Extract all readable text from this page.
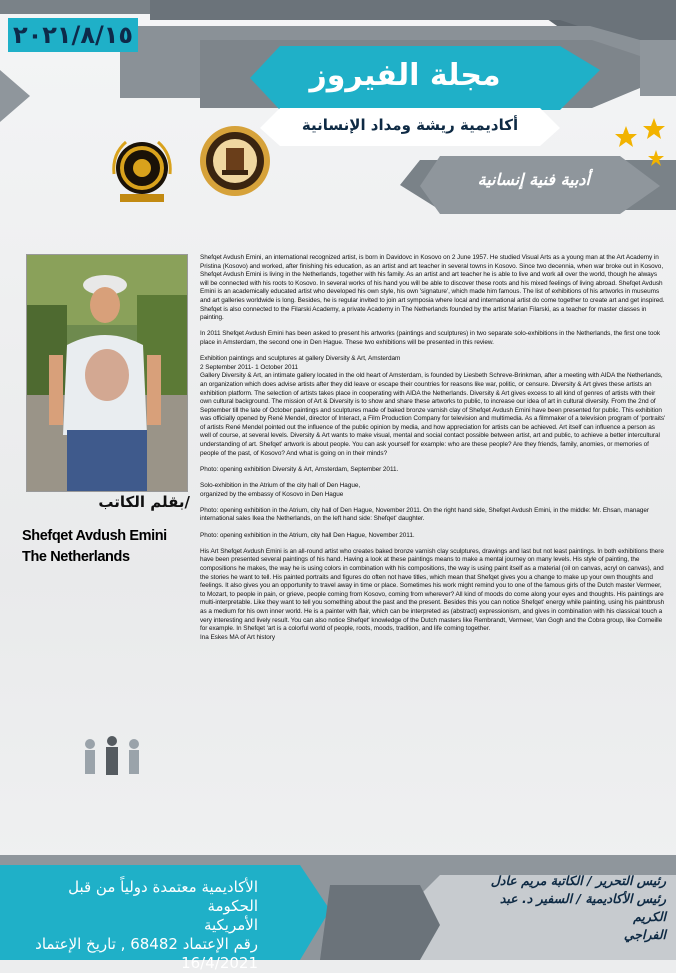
٢٠٢١/٨/١٥
مجلة الفيروز
أكاديمية ريشة ومداد الإنسانية
أدبية فنية إنسانية
بقلم الكاتب/
Shefqet Avdush Emini
The Netherlands

Shefqet Avdush Emini, an international recognized artist, is born in Davidovc in Kosovo on 2 June 1957. He studied Visual Arts as a young man at the Art Academy in Pristina (Kosovo) and worked, after finishing his education, as an artist and art teacher in several towns in Kosovo. Since two decennia, when war broke out in Kosovo, Shefqet Avdush Emini is living in the Netherlands, together with his family. As an artist and art teacher he is able to live and work all over the world, though he always will be connected with his roots to Kosovo. In several works of his hand you will be able to discover these roots and his mixed feelings of living abroad. Shefqet Avdush Emini is an academically educated artist who developed his own style, his own 'signature', which made him famous. The list of exhibitions of his artworks in museums and art galleries worldwide is long. Besides, he is regular invited to join art symposia where local and international artist do come together to create art and get inspired. Shefqet is also connected to the Filarski Academy, a private Academy in The Netherlands founded by the artist Marian Filarski, as a teacher for master classes in painting.

In 2011 Shefqet Avdush Emini has been asked to present his artworks (paintings and sculptures) in two separate solo-exhibitions in the Netherlands, the first one took place in Amsterdam, the second one in Den Hague. These two exhibitions will be presented in this review.

Exhibition paintings and sculptures at gallery Diversity & Art, Amsterdam
2 September 2011- 1 October 2011
Gallery Diversity & Art, an intimate gallery located in the old heart of Amsterdam, is founded by Liesbeth Schreve-Brinkman, after a meeting with AIDA the Netherlands, an organization which does advise artists after they did leave or escape their countries for reasons like war, politic, or censure. Diversity & Art gives these artists an exhibition platform. The selection of artists takes place in cooperating with AIDA the Netherlands. Diversity & Art gives excess to all kind of genres of artists with their own cultural background. The mission of Art & Diversity is to show and share these artworks to public, to increase our idea of art in cultural diversity. From the 2nd of September till the late of October paintings and sculptures made of baked bronze varnish clay of Shefqet Avdush Emini have been presented for public. This exhibition was officially opened by René Mendel, director of Interact, a Film Production Company for television and multimedia. As a filmmaker of a television program of 'portraits' of artists René Mendel pointed out the influence of the public opinion by media, and how appreciation for artists can be achieved. Art itself can influence a person as well of course, at several levels. Diversity & Art wants to make visual, mental and social contact possible between artist, art and public, to achieve a better intercultural understanding of art. Shefqet' artwork is about people. You can ask yourself for example: who are these people? Are they friends, family, anomies, or memories of people of the past, of Kosovo? And what is going on in their minds?

Photo: opening exhibition Diversity & Art, Amsterdam, September 2011.

Solo-exhibition in the Atrium of the city hall of Den Hague,
organized by the embassy of Kosovo in Den Hague

Photo: opening exhibition in the Atrium, city hall of Den Hague, November 2011. On the right hand side, Shefqet Avdush Emini, in the middle: Mr. Ehsan, manager international sales Ikea the Netherlands, on the left hand side: Shefqet' daughter.

Photo: opening exhibition in the Atrium, city hall Den Hague, November 2011.

His Art Shefqet Avdush Emini is an all-round artist who creates baked bronze varnish clay sculptures, drawings and last but not least paintings. In both exhibitions there have been presented several paintings of his hand. Having a look at these paintings means to make a mental journey on many levels. His style of painting, the compositions he makes, the way he is using colors in combination with his compositions, the way is using paint itself as a material (oil on canvas, acryl on canvas), and the stories he want to tell. His painted portraits and figures do often not have titles, which mean that Shefqet gives you a change to make up your own thoughts and feelings. It also gives you an opportunity to travel away in time or place. Sometimes his work might remind you to one of the famous girls of the Dutch master Vermeer, to Mozart, to people in pain, or grieve, people coming from Kosovo, coming from wherever? All kind of moods do come along your eyes and thoughts. His paintings are multi-interpretable. Like they want to tell you something about the past and the present. Besides this you can notice Shefqet' energy while painting, using his paintbrush as a medium for his own inner world. He is a painter with flair, which can be interpreted as (abstract) expressionism, and gives in combination with his classical touch a very interesting and lively result. You can also notice Shefqet' knowledge of the Dutch masters like Rembrandt, Vermeer, Van Gogh and the Cobra group, like Corneille for example. In Shefqet 'art is a colorful world of people, roots, moods, tradition, and life coming together.
Ina Eskes MA of Art history

الأكاديمية معتمدة دولياً من قبل الحكومة
الأمريكية
رقم الإعتماد 68482 , تاريخ الإعتماد 16/4/2021
رئيس التحرير / الكاتبة مريم عادل
رئيس الأكاديمية / السفير د. عبد الكريم
الفراجي
